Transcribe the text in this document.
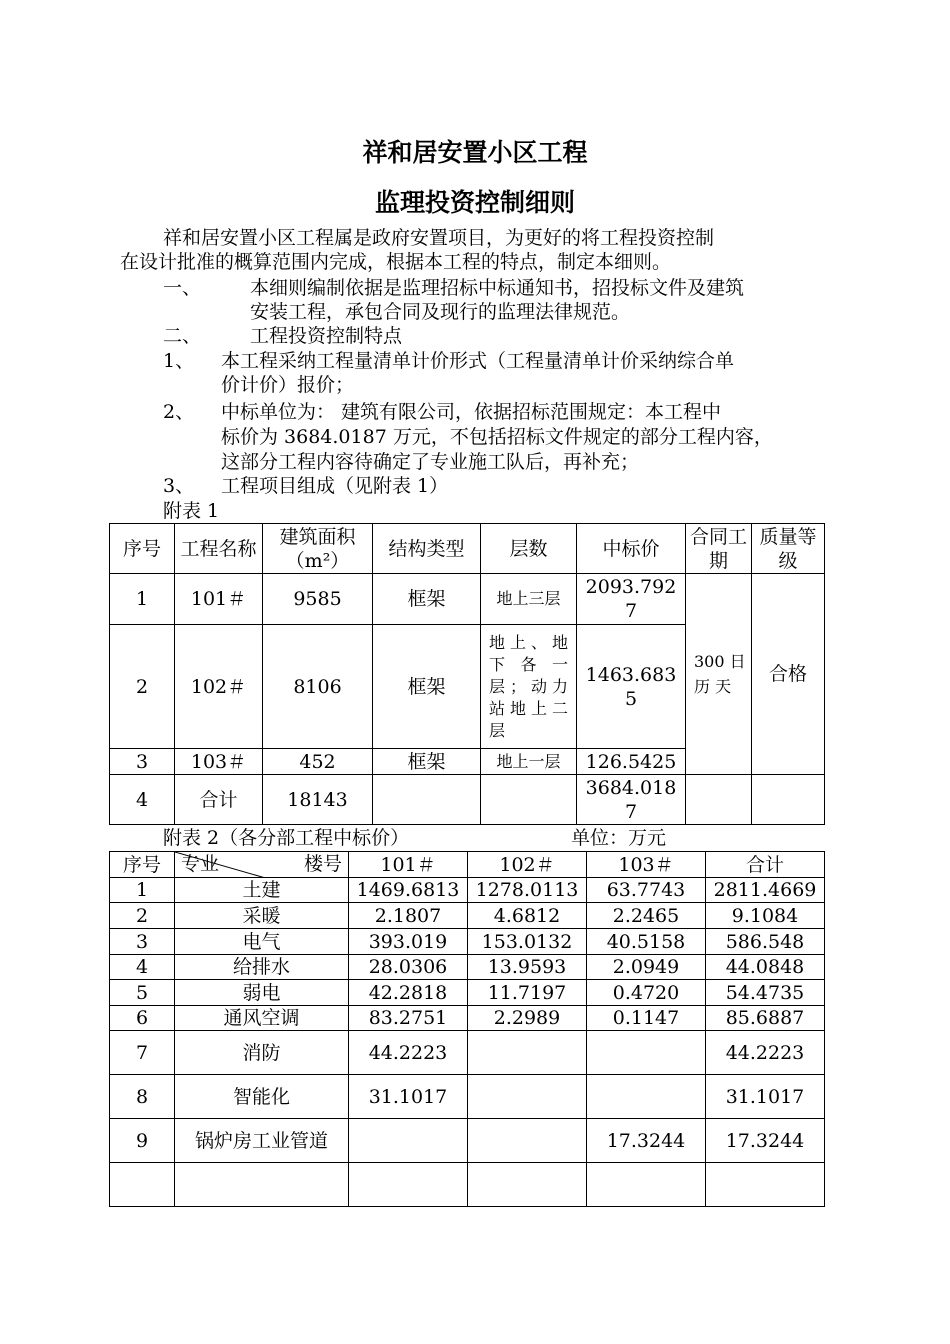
祥和居安置小区工程
监理投资控制细则
祥和居安置小区工程属是政府安置项目，为更好的将工程投资控制
在设计批准的概算范围内完成，根据本工程的特点，制定本细则。
一、	本细则编制依据是监理招标中标通知书，招投标文件及建筑
安装工程，承包合同及现行的监理法律规范。
二、	工程投资控制特点
1、 本工程采纳工程量清单计价形式（工程量清单计价采纳综合单
价计价）报价；
2、 中标单位为： 建筑有限公司，依据招标范围规定：本工程中
标价为 3684.0187 万元，不包括招标文件规定的部分工程内容，
这部分工程内容待确定了专业施工队后，再补充；
3、 工程项目组成（见附表 1）
附表 1
序号	工程名称	建筑面积（m²）	结构类型	层数	中标价	合同工期	质量等级
1	101＃	9585	框架	地上三层	2093.7927	300 日 历 天	合格
2	102＃	8106	框架	地上、地下各一层；动力站地上二层	1463.6835		
3	103＃	452	框架	地上一层	126.5425		
4	合计	18143			3684.0187		
附表 2（各分部工程中标价）	单位：万元
序号	专业 楼号	101＃	102＃	103＃	合计
1	土建	1469.6813	1278.0113	63.7743	2811.4669
2	采暖	2.1807	4.6812	2.2465	9.1084
3	电气	393.019	153.0132	40.5158	586.548
4	给排水	28.0306	13.9593	2.0949	44.0848
5	弱电	42.2818	11.7197	0.4720	54.4735
6	通风空调	83.2751	2.2989	0.1147	85.6887
7	消防	44.2223			44.2223
8	智能化	31.1017			31.1017
9	锅炉房工业管道			17.3244	17.3244
